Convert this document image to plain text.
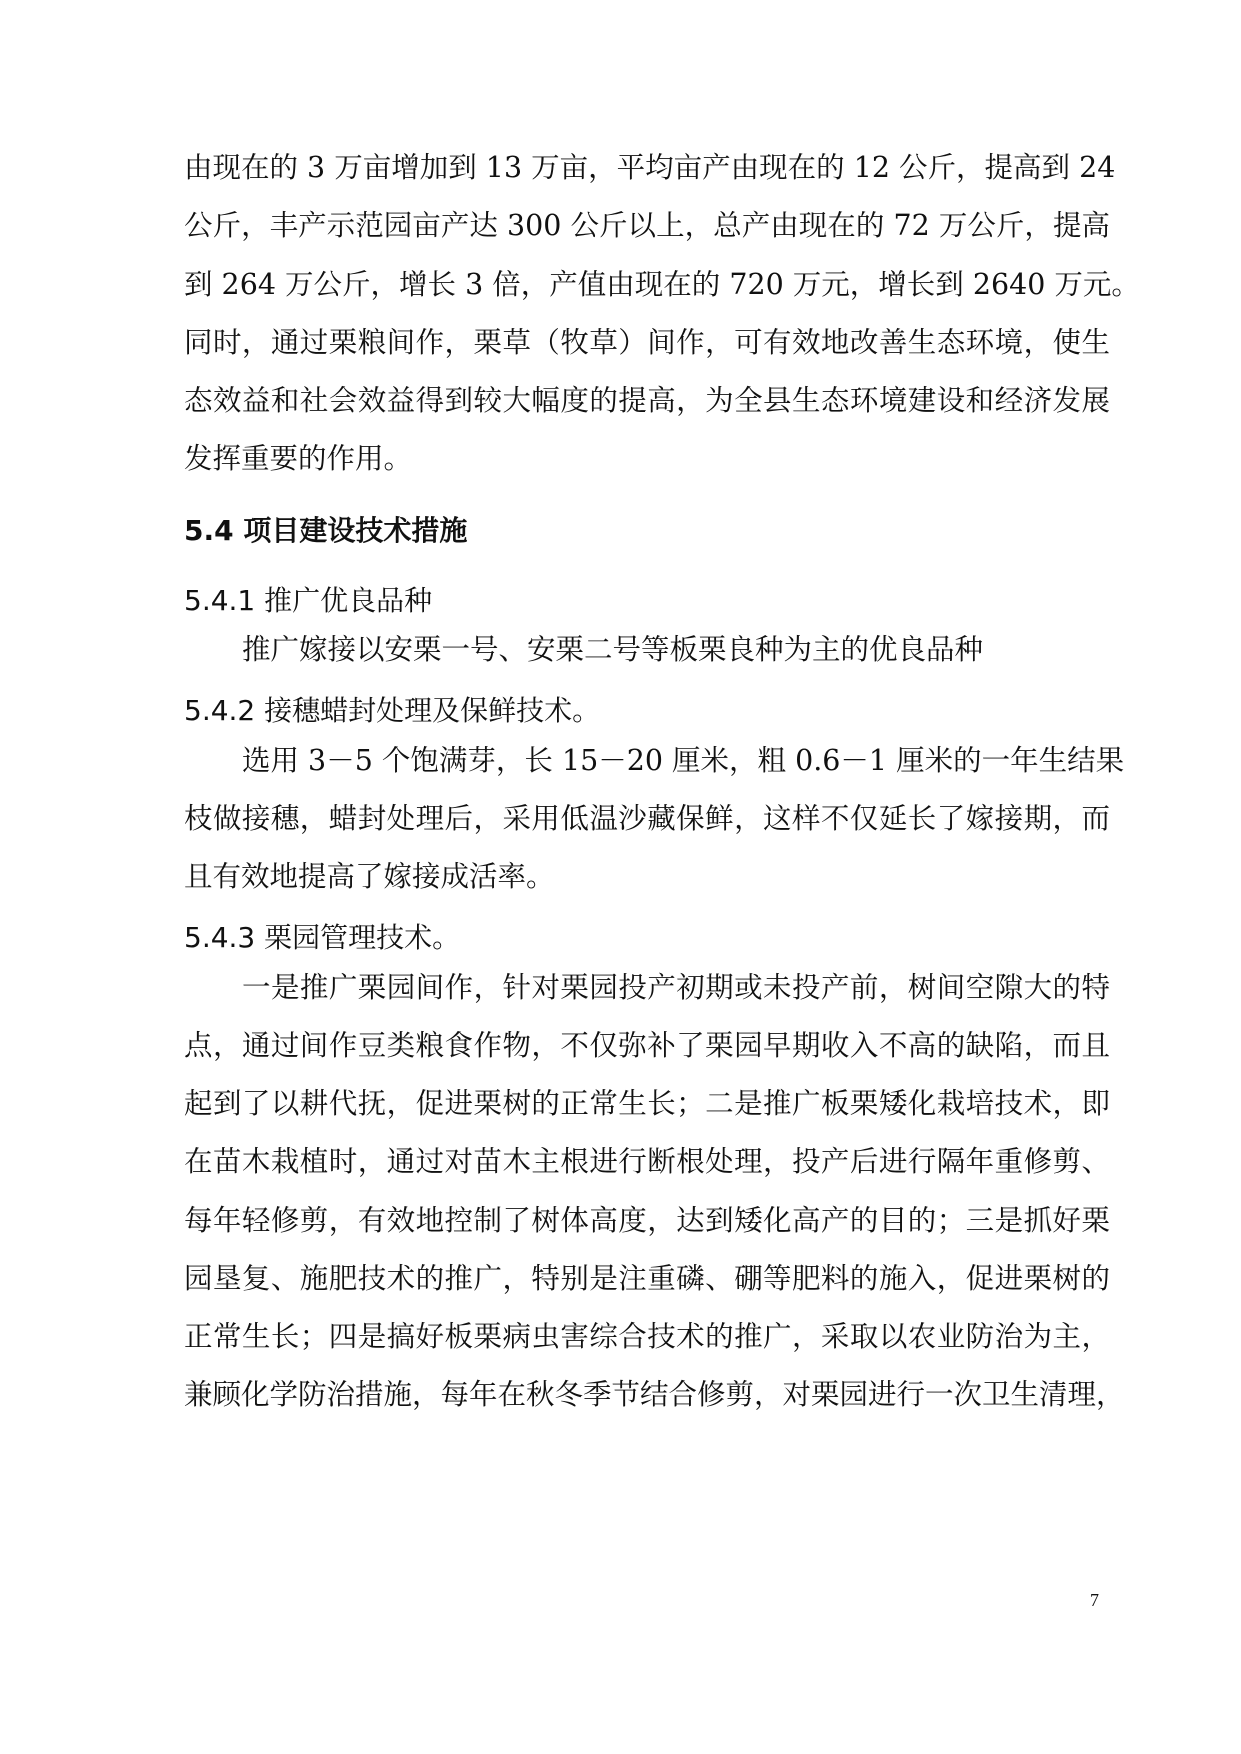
由现在的 3 万亩增加到 13 万亩，平均亩产由现在的 12 公斤，提高到 24
公斤，丰产示范园亩产达 300 公斤以上，总产由现在的 72 万公斤，提高
到 264 万公斤，增长 3 倍，产值由现在的 720 万元，增长到 2640 万元。
同时，通过栗粮间作，栗草（牧草）间作，可有效地改善生态环境，使生
态效益和社会效益得到较大幅度的提高，为全县生态环境建设和经济发展
发挥重要的作用。
5.4 项目建设技术措施
5.4.1 推广优良品种
推广嫁接以安栗一号、安栗二号等板栗良种为主的优良品种
5.4.2 接穗蜡封处理及保鲜技术。
选用 3－5 个饱满芽，长 15－20 厘米，粗 0.6－1 厘米的一年生结果
枝做接穗，蜡封处理后，采用低温沙藏保鲜，这样不仅延长了嫁接期，而
且有效地提高了嫁接成活率。
5.4.3 栗园管理技术。
一是推广栗园间作，针对栗园投产初期或未投产前，树间空隙大的特
点，通过间作豆类粮食作物，不仅弥补了栗园早期收入不高的缺陷，而且
起到了以耕代抚，促进栗树的正常生长；二是推广板栗矮化栽培技术，即
在苗木栽植时，通过对苗木主根进行断根处理，投产后进行隔年重修剪、
每年轻修剪，有效地控制了树体高度，达到矮化高产的目的；三是抓好栗
园垦复、施肥技术的推广，特别是注重磷、硼等肥料的施入，促进栗树的
正常生长；四是搞好板栗病虫害综合技术的推广，采取以农业防治为主，
兼顾化学防治措施，每年在秋冬季节结合修剪，对栗园进行一次卫生清理，
7
